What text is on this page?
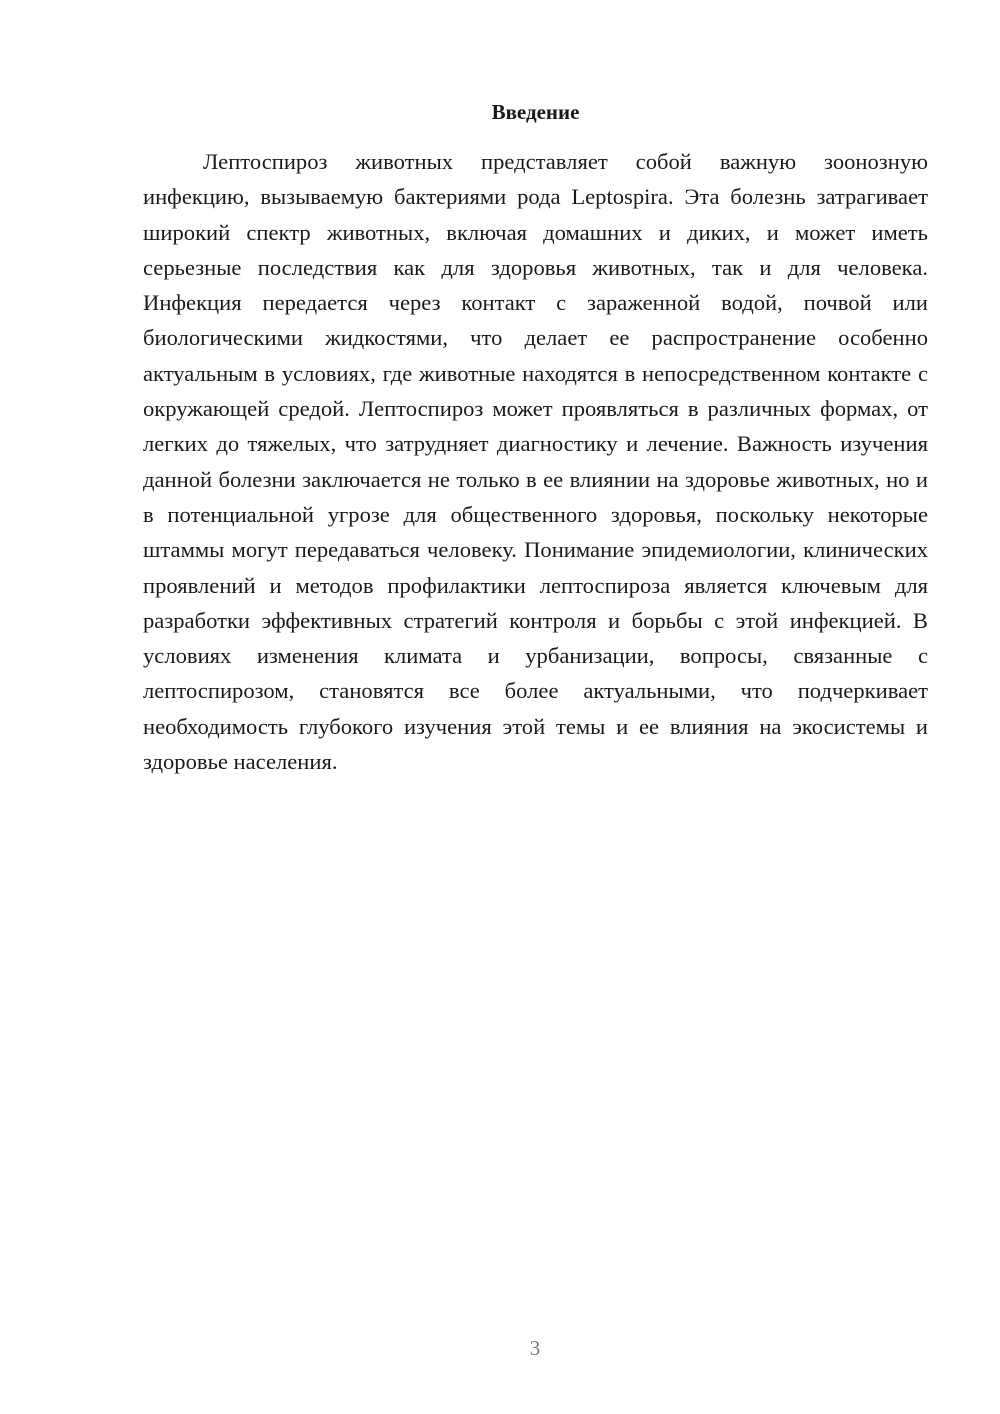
Введение

Лептоспироз животных представляет собой важную зоонозную инфекцию, вызываемую бактериями рода Leptospira. Эта болезнь затрагивает широкий спектр животных, включая домашних и диких, и может иметь серьезные последствия как для здоровья животных, так и для человека. Инфекция передается через контакт с зараженной водой, почвой или биологическими жидкостями, что делает ее распространение особенно актуальным в условиях, где животные находятся в непосредственном контакте с окружающей средой. Лептоспироз может проявляться в различных формах, от легких до тяжелых, что затрудняет диагностику и лечение. Важность изучения данной болезни заключается не только в ее влиянии на здоровье животных, но и в потенциальной угрозе для общественного здоровья, поскольку некоторые штаммы могут передаваться человеку. Понимание эпидемиологии, клинических проявлений и методов профилактики лептоспироза является ключевым для разработки эффективных стратегий контроля и борьбы с этой инфекцией. В условиях изменения климата и урбанизации, вопросы, связанные с лептоспирозом, становятся все более актуальными, что подчеркивает необходимость глубокого изучения этой темы и ее влияния на экосистемы и здоровье населения.

3
